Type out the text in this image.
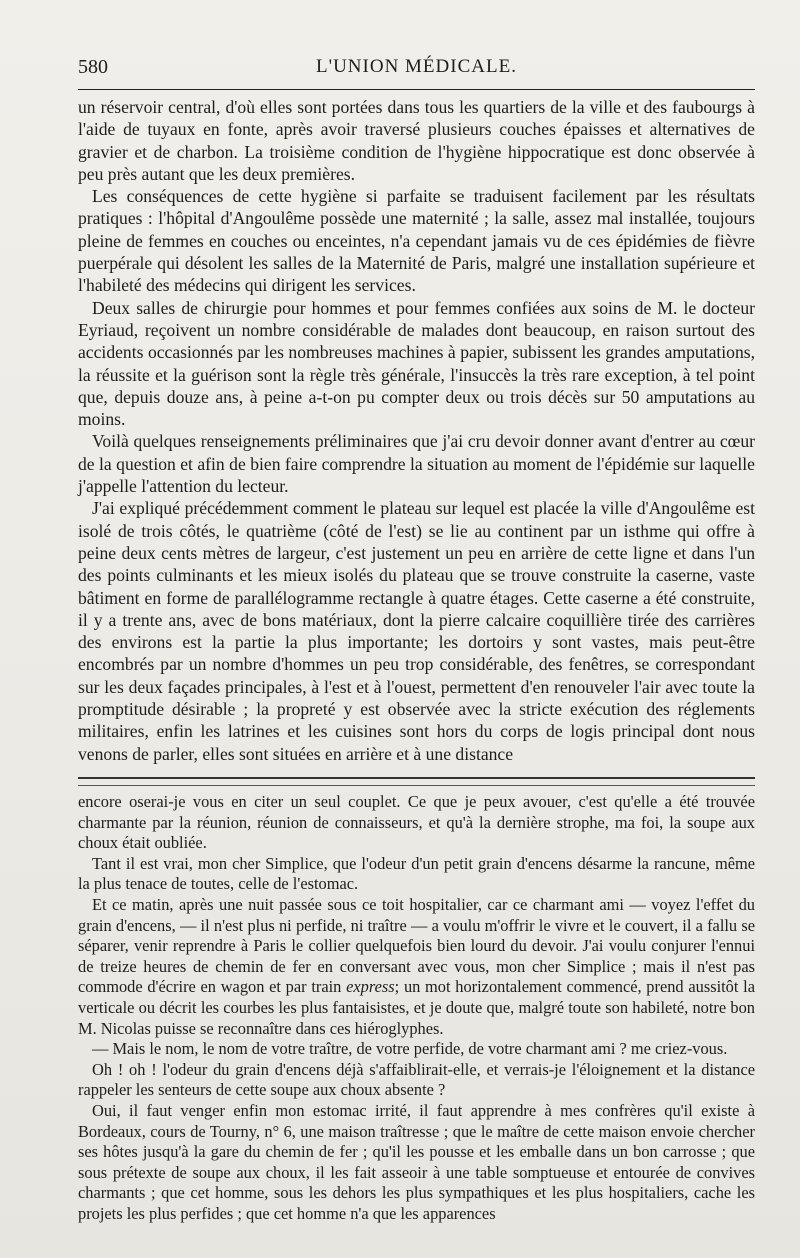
580	L'UNION MÉDICALE.

un réservoir central, d'où elles sont portées dans tous les quartiers de la ville et des faubourgs à l'aide de tuyaux en fonte, après avoir traversé plusieurs couches épaisses et alternatives de gravier et de charbon. La troisième condition de l'hygiène hippocratique est donc observée à peu près autant que les deux premières.

Les conséquences de cette hygiène si parfaite se traduisent facilement par les résultats pratiques : l'hôpital d'Angoulême possède une maternité ; la salle, assez mal installée, toujours pleine de femmes en couches ou enceintes, n'a cependant jamais vu de ces épidémies de fièvre puerpérale qui désolent les salles de la Maternité de Paris, malgré une installation supérieure et l'habileté des médecins qui dirigent les services.

Deux salles de chirurgie pour hommes et pour femmes confiées aux soins de M. le docteur Eyriaud, reçoivent un nombre considérable de malades dont beaucoup, en raison surtout des accidents occasionnés par les nombreuses machines à papier, subissent les grandes amputations, la réussite et la guérison sont la règle très générale, l'insuccès la très rare exception, à tel point que, depuis douze ans, à peine a-t-on pu compter deux ou trois décès sur 50 amputations au moins.

Voilà quelques renseignements préliminaires que j'ai cru devoir donner avant d'entrer au cœur de la question et afin de bien faire comprendre la situation au moment de l'épidémie sur laquelle j'appelle l'attention du lecteur.

J'ai expliqué précédemment comment le plateau sur lequel est placée la ville d'Angoulême est isolé de trois côtés, le quatrième (côté de l'est) se lie au continent par un isthme qui offre à peine deux cents mètres de largeur, c'est justement un peu en arrière de cette ligne et dans l'un des points culminants et les mieux isolés du plateau que se trouve construite la caserne, vaste bâtiment en forme de parallélogramme rectangle à quatre étages. Cette caserne a été construite, il y a trente ans, avec de bons matériaux, dont la pierre calcaire coquillière tirée des carrières des environs est la partie la plus importante; les dortoirs y sont vastes, mais peut-être encombrés par un nombre d'hommes un peu trop considérable, des fenêtres, se correspondant sur les deux façades principales, à l'est et à l'ouest, permettent d'en renouveler l'air avec toute la promptitude désirable ; la propreté y est observée avec la stricte exécution des réglements militaires, enfin les latrines et les cuisines sont hors du corps de logis principal dont nous venons de parler, elles sont situées en arrière et à une distance

encore oserai-je vous en citer un seul couplet. Ce que je peux avouer, c'est qu'elle a été trouvée charmante par la réunion, réunion de connaisseurs, et qu'à la dernière strophe, ma foi, la soupe aux choux était oubliée.

Tant il est vrai, mon cher Simplice, que l'odeur d'un petit grain d'encens désarme la rancune, même la plus tenace de toutes, celle de l'estomac.

Et ce matin, après une nuit passée sous ce toit hospitalier, car ce charmant ami — voyez l'effet du grain d'encens, — il n'est plus ni perfide, ni traître — a voulu m'offrir le vivre et le couvert, il a fallu se séparer, venir reprendre à Paris le collier quelquefois bien lourd du devoir. J'ai voulu conjurer l'ennui de treize heures de chemin de fer en conversant avec vous, mon cher Simplice ; mais il n'est pas commode d'écrire en wagon et par train express; un mot horizontalement commencé, prend aussitôt la verticale ou décrit les courbes les plus fantaisistes, et je doute que, malgré toute son habileté, notre bon M. Nicolas puisse se reconnaître dans ces hiéroglyphes.

— Mais le nom, le nom de votre traître, de votre perfide, de votre charmant ami ? me criez-vous.

Oh ! oh ! l'odeur du grain d'encens déjà s'affaiblirait-elle, et verrais-je l'éloignement et la distance rappeler les senteurs de cette soupe aux choux absente ?

Oui, il faut venger enfin mon estomac irrité, il faut apprendre à mes confrères qu'il existe à Bordeaux, cours de Tourny, n° 6, une maison traîtresse ; que le maître de cette maison envoie chercher ses hôtes jusqu'à la gare du chemin de fer ; qu'il les pousse et les emballe dans un bon carrosse ; que sous prétexte de soupe aux choux, il les fait asseoir à une table somptueuse et entourée de convives charmants ; que cet homme, sous les dehors les plus sympathiques et les plus hospitaliers, cache les projets les plus perfides ; que cet homme n'a que les apparences
